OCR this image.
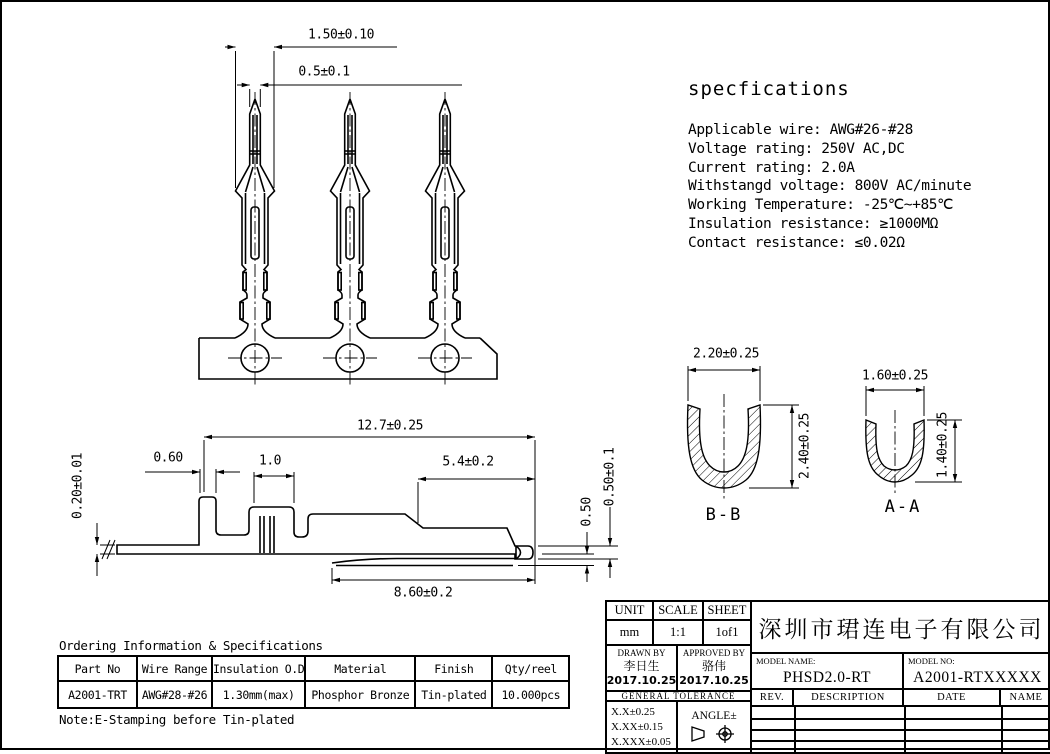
1.50±0.10
0.5±0.1
12.7±0.25
0.60	1.0	5.4±0.2	0.50±0.1
0.50
8.60±0.2
0.20±0.01
2.20±0.25
2.40±0.25
1.60±0.25
1.40±0.25
B-B	A-A
specfications
Applicable wire: AWG#26-#28
Voltage rating: 250V AC,DC
Current rating: 2.0A
Withstangd voltage: 800V AC/minute
Working Temperature: -25℃~+85℃
Insulation resistance: ≥1000MΩ
Contact resistance: ≤0.02Ω
Ordering Information & Specifications
Part No	Wire Range	Insulation O.D	Material	Finish	Qty/reel
A2001-TRT	AWG#28-#26	1.30mm(max)	Phosphor Bronze	Tin-plated	10.000pcs
Note:E-Stamping before Tin-plated
UNIT	SCALE SHEET
mm	1:1	1of1
DRAWN BY
李日生
2017.10.25
APPROVED BY
骆伟
2017.10.25
GENERAL TOLERANCE
X.X±0.25
X.XX±0.15
X.XXX±0.05
ANGLE±
深圳市珺连电子有限公司
MODEL NAME:
PHSD2.0-RT
MODEL NO:
A2001-RTXXXXX
REV.	DESCRIPTION	DATE	NAME
